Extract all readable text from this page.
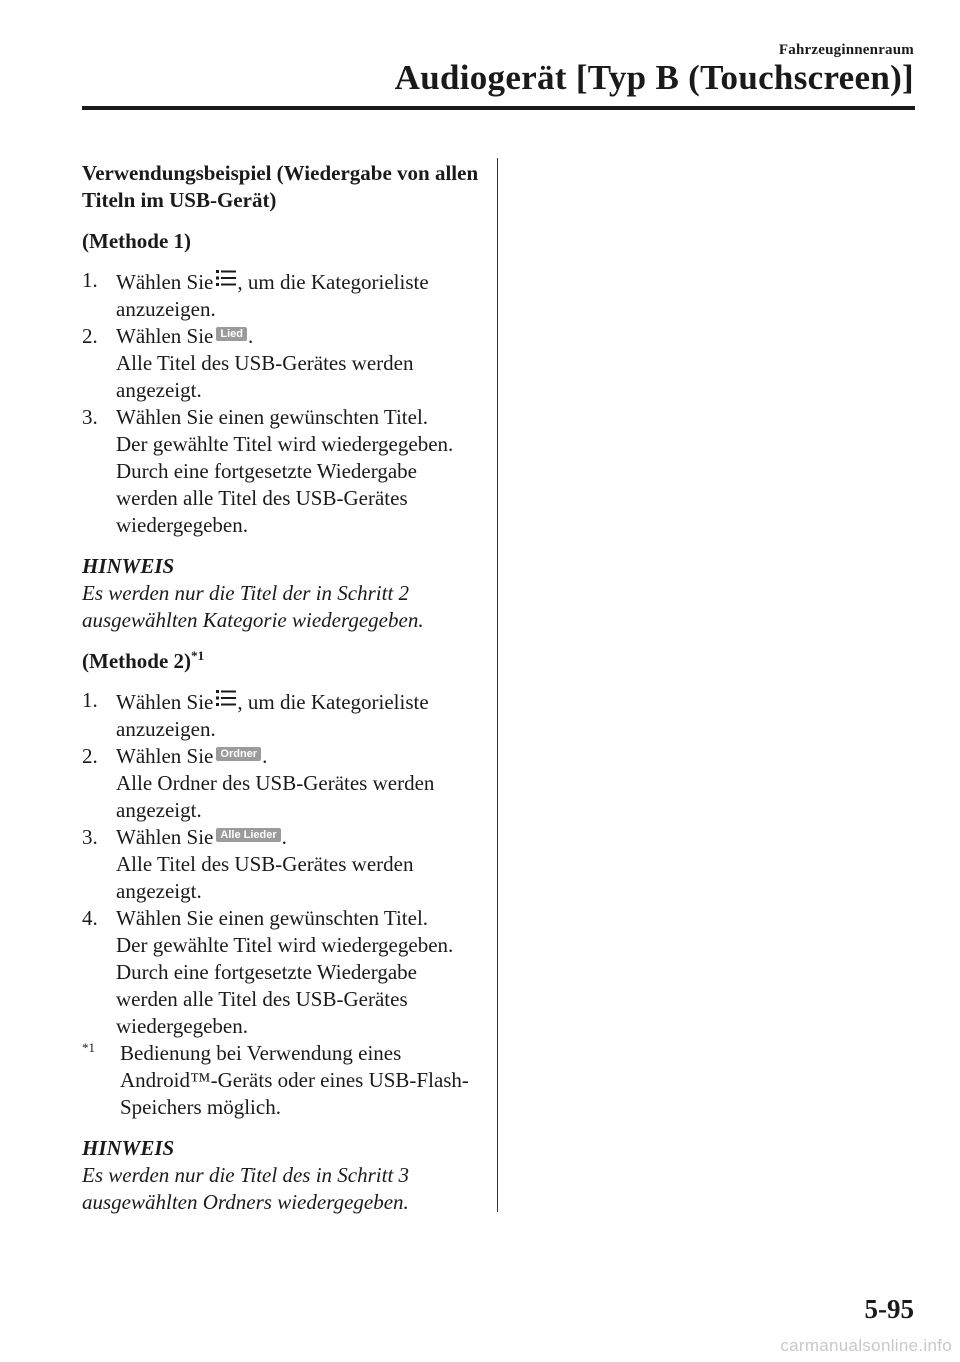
Fahrzeuginnenraum
Audiogerät [Typ B (Touchscreen)]

Verwendungsbeispiel (Wiedergabe von allen Titeln im USB-Gerät)

(Methode 1)

1. Wählen Sie , um die Kategorieliste anzuzeigen.
2. Wählen Sie Lied .
Alle Titel des USB-Gerätes werden angezeigt.
3. Wählen Sie einen gewünschten Titel.
Der gewählte Titel wird wiedergegeben. Durch eine fortgesetzte Wiedergabe werden alle Titel des USB-Gerätes wiedergegeben.

HINWEIS

Es werden nur die Titel der in Schritt 2 ausgewählten Kategorie wiedergegeben.

(Methode 2)$^{*1}$

1. Wählen Sie , um die Kategorieliste anzuzeigen.
2. Wählen Sie Ordner .
Alle Ordner des USB-Gerätes werden angezeigt.
3. Wählen Sie Alle Lieder .
Alle Titel des USB-Gerätes werden angezeigt.
4. Wählen Sie einen gewünschten Titel.
Der gewählte Titel wird wiedergegeben. Durch eine fortgesetzte Wiedergabe werden alle Titel des USB-Gerätes wiedergegeben.

$^{*1}$ Bedienung bei Verwendung eines Android™-Geräts oder eines USB-Flash-Speichers möglich.

HINWEIS

Es werden nur die Titel des in Schritt 3 ausgewählten Ordners wiedergegeben.

5-95
carmanualsonline.info
